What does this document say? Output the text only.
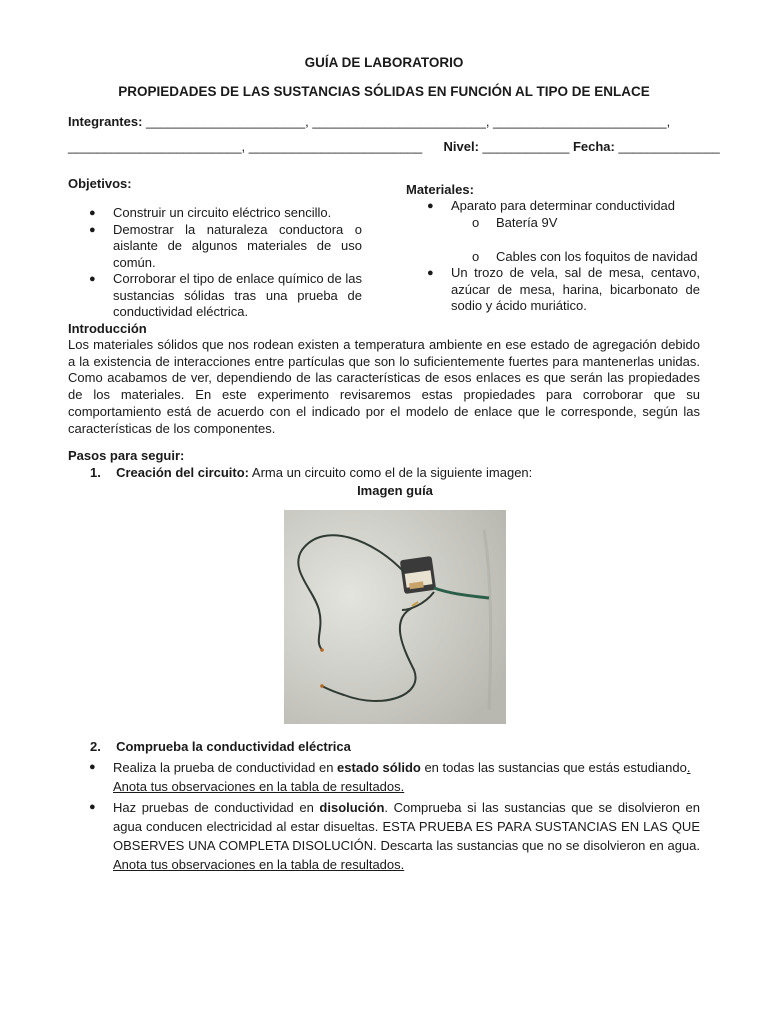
GUÍA DE LABORATORIO
PROPIEDADES DE LAS SUSTANCIAS SÓLIDAS EN FUNCIÓN AL TIPO DE ENLACE
Integrantes: ______________________, ________________________, ________________________,
________________________, ________________________ Nivel: ____________ Fecha: ______________
Objetivos:
● Construir un circuito eléctrico sencillo.
● Demostrar la naturaleza conductora o aislante de algunos materiales de uso común.
● Corroborar el tipo de enlace químico de las sustancias sólidas tras una prueba de conductividad eléctrica.
Materiales:
● Aparato para determinar conductividad
o Batería 9V
o Cables con los foquitos de navidad
● Un trozo de vela, sal de mesa, centavo, azúcar de mesa, harina, bicarbonato de sodio y ácido muriático.
Introducción
Los materiales sólidos que nos rodean existen a temperatura ambiente en ese estado de agregación debido a la existencia de interacciones entre partículas que son lo suficientemente fuertes para mantenerlas unidas. Como acabamos de ver, dependiendo de las características de esos enlaces es que serán las propiedades de los materiales. En este experimento revisaremos estas propiedades para corroborar que su comportamiento está de acuerdo con el indicado por el modelo de enlace que le corresponde, según las características de los componentes.
Pasos para seguir:
1. Creación del circuito: Arma un circuito como el de la siguiente imagen:
Imagen guía
2. Comprueba la conductividad eléctrica
● Realiza la prueba de conductividad en estado sólido en todas las sustancias que estás estudiando.
Anota tus observaciones en la tabla de resultados.
● Haz pruebas de conductividad en disolución. Comprueba si las sustancias que se disolvieron en agua conducen electricidad al estar disueltas. ESTA PRUEBA ES PARA SUSTANCIAS EN LAS QUE OBSERVES UNA COMPLETA DISOLUCIÓN. Descarta las sustancias que no se disolvieron en agua. Anota tus observaciones en la tabla de resultados.
